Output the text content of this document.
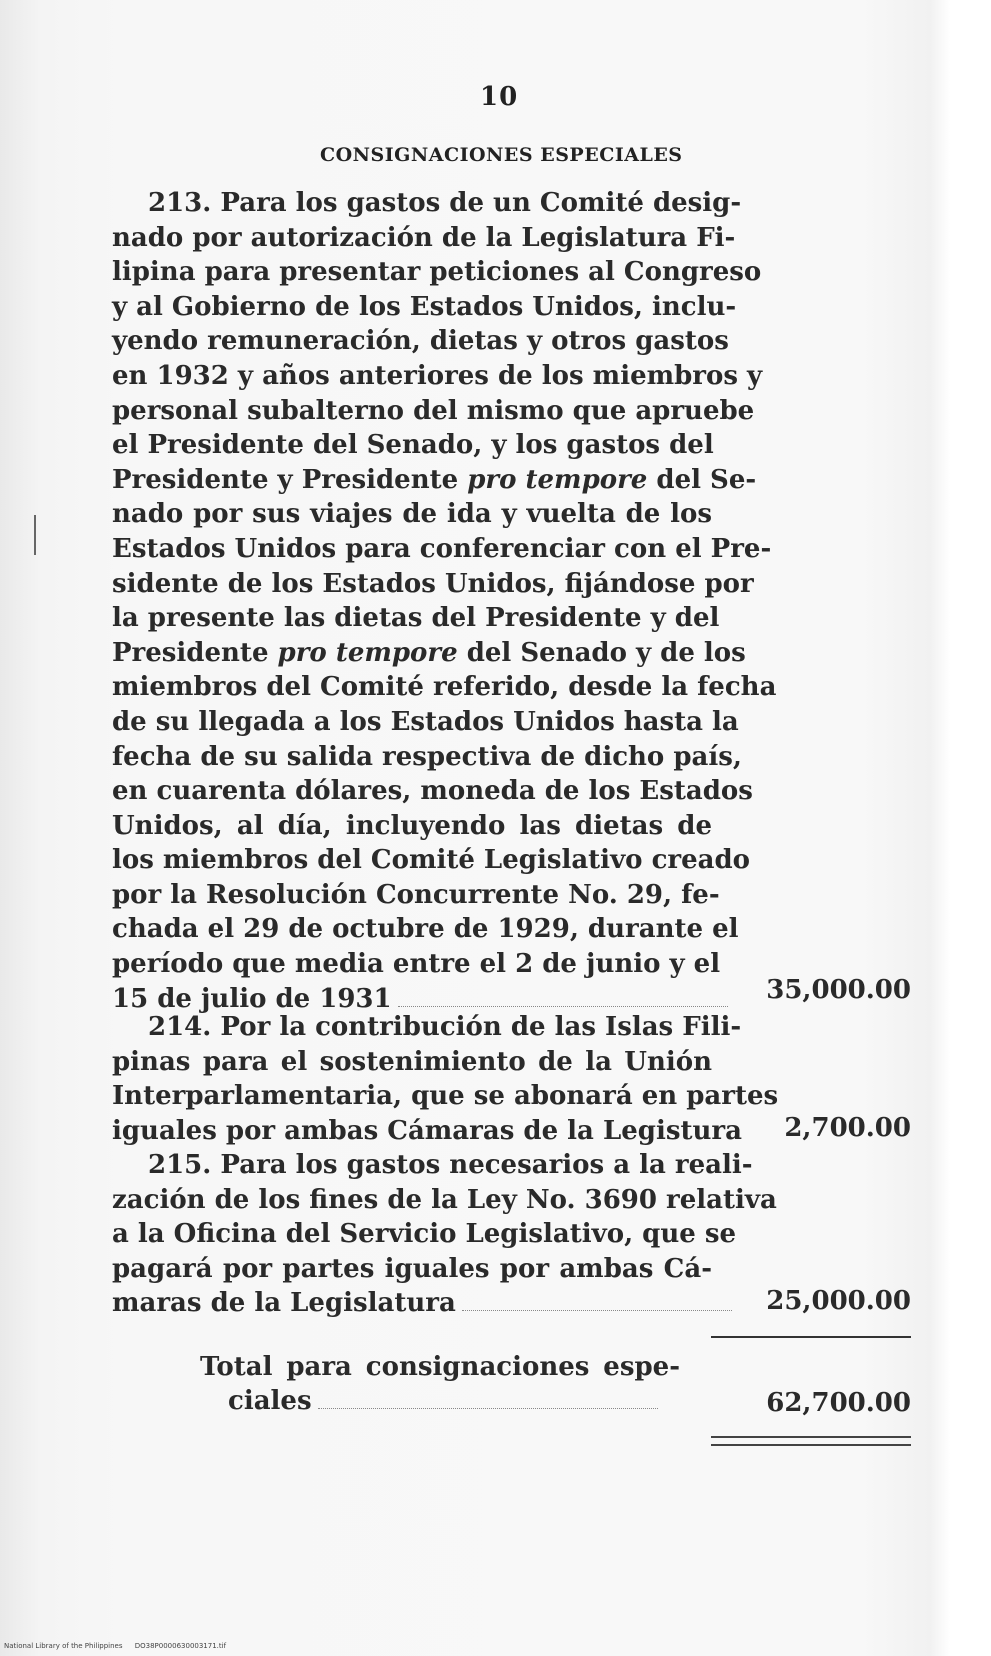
10
CONSIGNACIONES ESPECIALES
213. Para los gastos de un Comité desig-
nado por autorización de la Legislatura Fi-
lipina para presentar peticiones al Congreso
y al Gobierno de los Estados Unidos, inclu-
yendo remuneración, dietas y otros gastos
en 1932 y años anteriores de los miembros y
personal subalterno del mismo que apruebe
el Presidente del Senado, y los gastos del
Presidente y Presidente pro tempore del Se-
nado por sus viajes de ida y vuelta de los
Estados Unidos para conferenciar con el Pre-
sidente de los Estados Unidos, fijándose por
la presente las dietas del Presidente y del
Presidente pro tempore del Senado y de los
miembros del Comité referido, desde la fecha
de su llegada a los Estados Unidos hasta la
fecha de su salida respectiva de dicho país,
en cuarenta dólares, moneda de los Estados
Unidos, al día, incluyendo las dietas de
los miembros del Comité Legislativo creado
por la Resolución Concurrente No. 29, fe-
chada el 29 de octubre de 1929, durante el
período que media entre el 2 de junio y el
15 de julio de 1931	35,000.00
214. Por la contribución de las Islas Fili-
pinas para el sostenimiento de la Unión
Interparlamentaria, que se abonará en partes
iguales por ambas Cámaras de la Legistura 2,700.00
215. Para los gastos necesarios a la reali-
zación de los fines de la Ley No. 3690 relativa
a la Oficina del Servicio Legislativo, que se
pagará por partes iguales por ambas Cá-
maras de la Legislatura	25,000.00
Total para consignaciones espe-
ciales	62,700.00
National Library of the Philippines DO38P0000630003171.tif
